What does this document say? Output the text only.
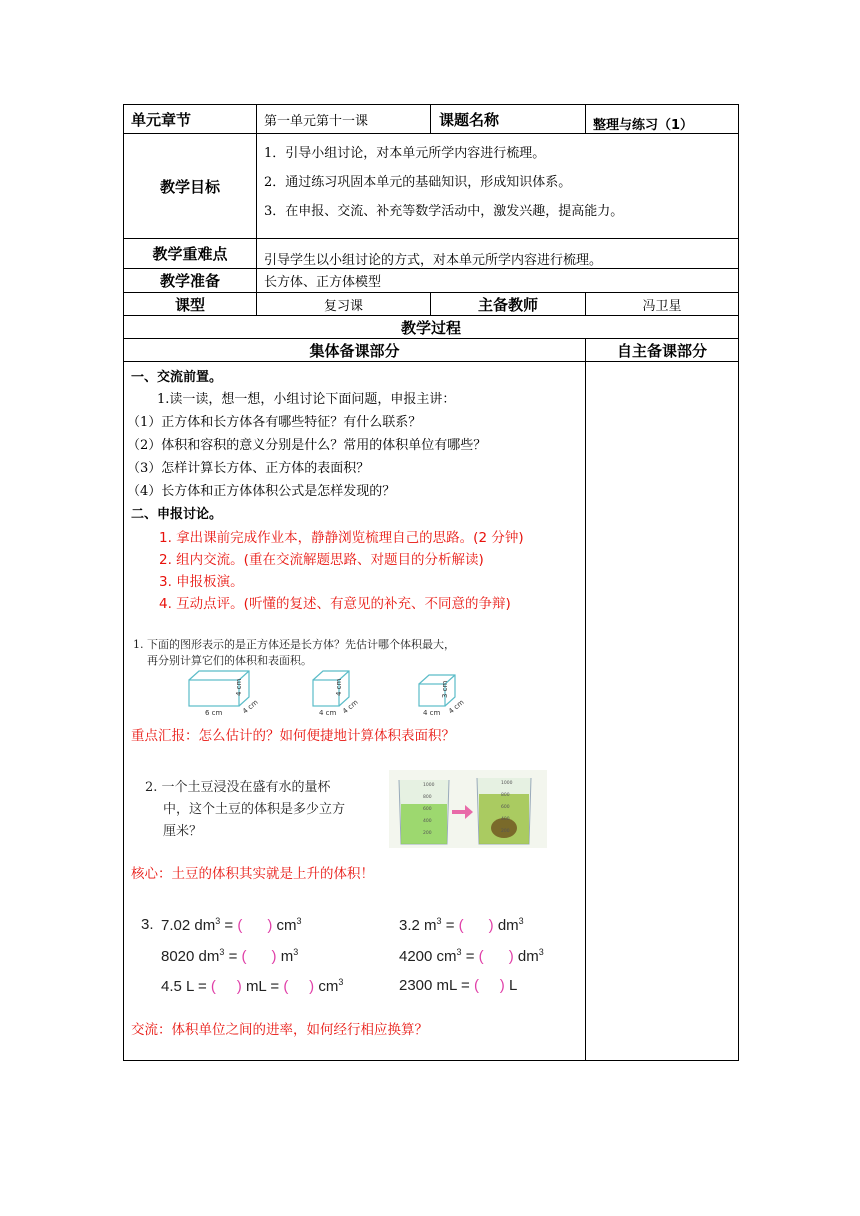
单元章节	第一单元第十一课	课题名称	整理与练习（1）
教学目标
1．引导小组讨论，对本单元所学内容进行梳理。
2．通过练习巩固本单元的基础知识，形成知识体系。
3．在申报、交流、补充等数学活动中，激发兴趣，提高能力。
教学重难点	引导学生以小组讨论的方式，对本单元所学内容进行梳理。
教学准备	长方体、正方体模型
课型	复习课	主备教师	冯卫星
教学过程
集体备课部分	自主备课部分
一、交流前置。
1.读一读，想一想，小组讨论下面问题，申报主讲：
（1）正方体和长方体各有哪些特征？有什么联系？
（2）体积和容积的意义分别是什么？常用的体积单位有哪些？
（3）怎样计算长方体、正方体的表面积？
（4）长方体和正方体体积公式是怎样发现的？
二、申报讨论。
1. 拿出课前完成作业本，静静浏览梳理自己的思路。(2 分钟)
2. 组内交流。(重在交流解题思路、对题目的分析解读)
3. 申报板演。
4. 互动点评。(听懂的复述、有意见的补充、不同意的争辩)
1. 下面的图形表示的是正方体还是长方体？先估计哪个体积最大，
再分别计算它们的体积和表面积。
6 cm
4 cm
4 cm	4 cm
4 cm
4 cm	4 cm
3 cm
4 cm
重点汇报：怎么估计的？如何便捷地计算体积表面积？
2. 一个土豆浸没在盛有水的量杯
中，这个土豆的体积是多少立方
厘米？
1000
800
600
400
200
1000
800
600
400
200
核心：土豆的体积其实就是上升的体积！
3. 7.02 $dm^3$ = ( ) $cm^3$	3.2 $m^3$ = ( ) $dm^3$
8020 $dm^3$ = ( ) $m^3$	4200 $cm^3$ = ( ) $dm^3$
4.5 L = ( ) mL = ( ) $cm^3$	2300 mL = ( ) L
交流：体积单位之间的进率，如何经行相应换算？
